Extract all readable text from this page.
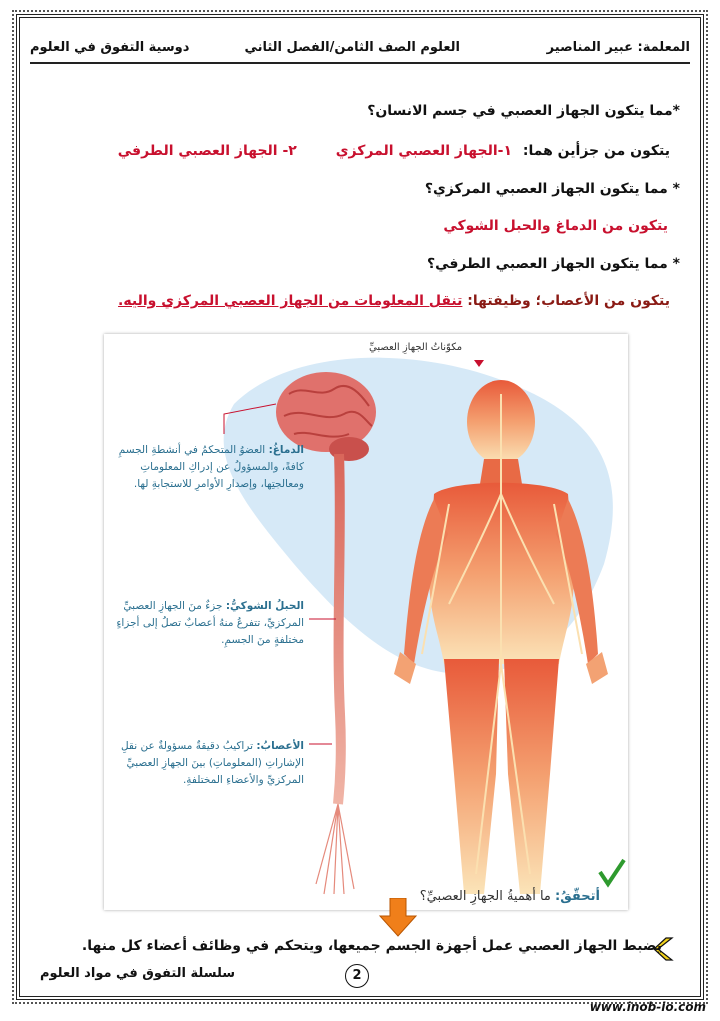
المعلمة: عبير المناصير
العلوم الصف الثامن/الفصل الثاني
دوسية التفوق في العلوم
*مما يتكون الجهاز العصبي في جسم الانسان؟
يتكون من جزأين هما: ١-الجهاز العصبي المركزي ٢- الجهاز العصبي الطرفي
* مما يتكون الجهاز العصبي المركزي؟
يتكون من الدماغ والحبل الشوكي
* مما يتكون الجهاز العصبي الطرفي؟
يتكون من الأعصاب؛ وظيفتها: تنقل المعلومات من الجهاز العصبي المركزي واليه.
مكوّناتُ الجهازِ العصبيِّ
الدماغُ: العضوُ المتحكمُ في أنشطةِ الجسمِ كافةً، والمسؤولُ عن إدراكِ المعلوماتِ ومعالجتِها، وإصدارِ الأوامرِ للاستجابةِ لها.
الحبلُ الشوكيُّ: جزءٌ منَ الجهازِ العصبيِّ المركزيِّ، تتفرعُ منهُ أعصابٌ تصلُ إلى أجزاءٍ مختلفةٍ منَ الجسمِ.
الأعصابُ: تراكيبُ دقيقةٌ مسؤولةٌ عن نقلِ الإشاراتِ (المعلوماتِ) بينَ الجهازِ العصبيِّ المركزيِّ والأعضاءِ المختلفةِ.
أتحقّقُ: ما أهميةُ الجهازِ العصبيِّ؟
يضبط الجهاز العصبي عمل أجهزة الجسم جميعها، ويتحكم في وظائف أعضاء كل منها.
سلسلة التفوق في مواد العلوم	2
www.inob-io.com
